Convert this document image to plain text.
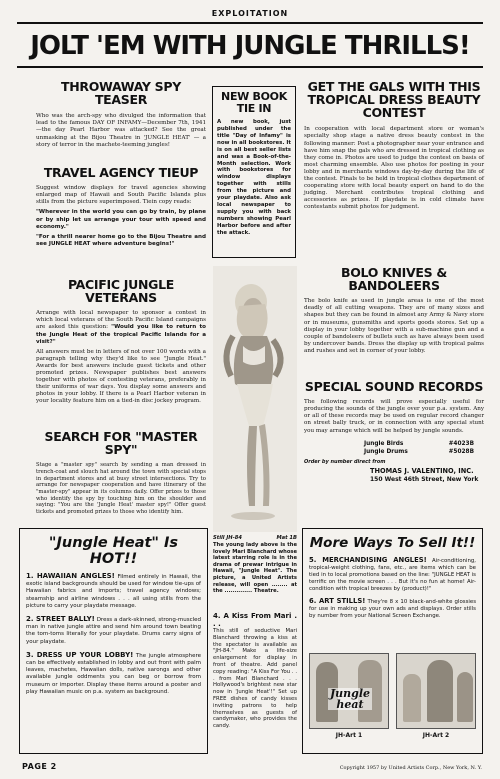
EXPLOITATION
JOLT 'EM WITH JUNGLE THRILLS!
THROWAWAY SPY TEASER
Who was the arch-spy who divulged the information that lead to the famous DAY OF INFAMY—December 7th, 1941—the day Pearl Harbor was attacked? See the great unmasking at the Bijou Theatre in 'JUNGLE HEAT' — a story of terror in the machete-teeming jungles!
TRAVEL AGENCY TIEUP
Suggest window displays for travel agencies showing enlarged map of Hawaii and South Pacific Islands plus stills from the picture superimposed. Tiein copy reads:
"Wherever in the world you can go by train, by plane or by ship let us arrange your tour with speed and economy."
"For a thrill nearer home go to the Bijou Theatre and see JUNGLE HEAT where adventure begins!"
PACIFIC JUNGLE VETERANS
Arrange with local newspaper to sponsor a contest in which local veterans of the South Pacific Island campaigns are asked this question: "Would you like to return to the Jungle Heat of the tropical Pacific Islands for a visit?"
All answers must be in letters of not over 100 words with a paragraph telling why they'd like to see "Jungle Heat." Awards for best answers include guest tickets and other promoted prizes. Newspaper publishes best answers together with photos of contesting veterans, preferably in their uniforms of war days. You display some answers and photos in your lobby. If there is a Pearl Harbor veteran in your locality feature him on a tied-in disc jockey program.
SEARCH FOR "MASTER SPY"
Stage a "master spy" search by sending a man dressed in trench-coat and slouch hat around the town with special stops in department stores and at busy street intersections. Try to arrange for newspaper cooperation and have itinerary of the "master-spy" appear in its columns daily. Offer prizes to those who identify the spy by touching him on the shoulder and saying: "You are the 'Jungle Heat' master spy!" Offer guest tickets and promoted prizes to those who identify him.
NEW BOOK
TIE IN
A new book, just published under the title "Day of Infamy" is now in all bookstores. It is on all best seller lists and was a Book-of-the-Month selection. Work with bookstores for window displays together with stills from the picture and your playdate. Also ask local newspaper to supply you with back numbers showing Pearl Harbor before and after the attack.
Still JH-84	Mat 1B
The young lady above is the lovely Mari Blanchard whose latest starring role is in the drama of prewar intrigue in Hawaii, "Jungle Heat". The picture, a United Artists release, will open ........ at the .............. Theatre.
GET THE GALS WITH THIS TROPICAL DRESS BEAUTY CONTEST
In cooperation with local department store or woman's specialty shop stage a native dress beauty contest in the following manner: Post a photographer near your entrance and have him snap the gals who are dressed in tropical clothing as they come in. Photos are used to judge the contest on basis of most charming ensemble. Also use photos for posting in your lobby and in merchants windows day-by-day during the life of the contest. Finals to be held in tropical clothes department of cooperating store with local beauty expert on hand to do the judging. Merchant contributes tropical clothing and accessories as prizes. If playdate is in cold climate have contestants submit photos for judgment.
BOLO KNIVES & BANDOLEERS
The bolo knife as used in jungle areas is one of the most deadly of all cutting weapons. They are of many sizes and shapes but they can be found in almost any Army & Navy store or in museums, gunsmiths and sports goods stores. Set up a display in your lobby together with a sub-machine gun and a couple of bandoleers of bullets such as have always been used by undercover bands. Dress the display up with tropical palms and rushes and set in corner of your lobby.
SPECIAL SOUND RECORDS
The following records will prove especially useful for producing the sounds of the jungle over your p.a. system. Any or all of these records may be used on regular record changer on street bally truck, or in connection with any special stunt you may arrange which will be helped by jungle sounds.
Jungle Birds	#4023B
Jungle Drums	#5028B
Order by number direct from
THOMAS J. VALENTINO, INC.
150 West 46th Street, New York
"Jungle Heat" Is HOT!!
1. HAWAIIAN ANGLES! Filmed entirely in Hawaii, the exotic island backgrounds should be used for window tie-ups of Hawaiian fabrics and imports; travel agency windows; steamship and airline windows . . . all using stills from the picture to carry your playdate message.
2. STREET BALLY! Dress a dark-skinned, strong-muscled man in native jungle attire and send him around town beating the tom-toms literally for your playdate. Drums carry signs of your playdate.
3. DRESS UP YOUR LOBBY! The jungle atmosphere can be effectively established in lobby and out front with palm leaves, machetes, Hawaiian dolls, native sarongs and other available jungle oddments you can beg or borrow from museum or importer. Display these items around a poster and play Hawaiian music on p.a. system as background.
4. A Kiss From Mari . . .
This still of seductive Mari Blanchard throwing a kiss at the spectator is available as "JH-84." Make a life-size enlargement for display in front of theatre. Add panel copy reading: "A Kiss For You . . . from Mari Blanchard . . . Hollywood's brightest new star now in 'Jungle Heat'!" Set up FREE dishes of candy kisses inviting patrons to help themselves as guests of candymaker, who provides the candy.
More Ways To Sell It!!
5. MERCHANDISING ANGLES! Air-conditioning, tropical-weight clothing, fans, etc., are items which can be tied in to local promotions based on the line: "JUNGLE HEAT is terrific on the movie screen . . . But it's no fun at home! Air-condition with tropical breezes by (product)!"
6. ART STILLS! They're 8 x 10 black-and-white glossies for use in making up your own ads and displays. Order stills by number from your National Screen Exchange.
Jungle heat
JH-Art 1	JH-Art 2
PAGE 2	Copyright 1957 by United Artists Corp., New York, N. Y.
